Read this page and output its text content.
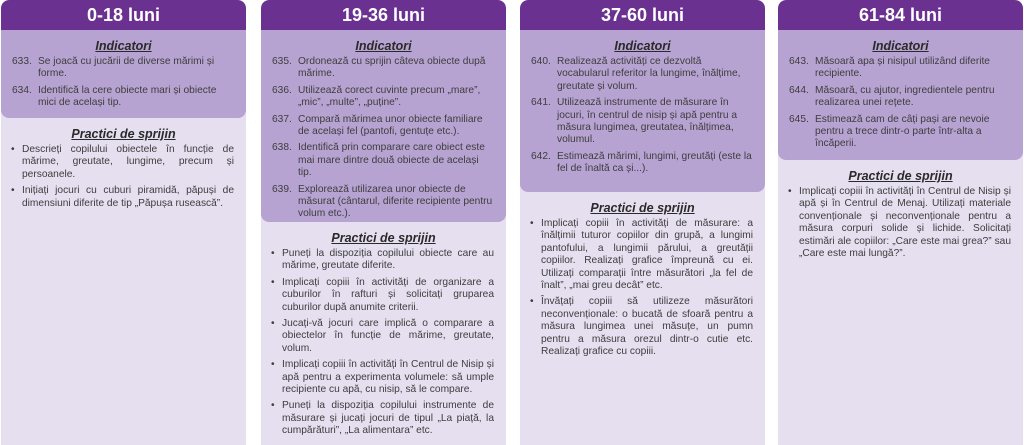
0-18 luni
Indicatori
633. Se joacă cu jucării de diverse mărimi și forme.
634. Identifică la cere obiecte mari și obiecte mici de același tip.
Practici de sprijin
• Descrieți copilului obiectele în funcție de mărime, greutate, lungime, precum și persoanele.
• Inițiați jocuri cu cuburi piramidă, păpuși de dimensiuni diferite de tip „Păpușa rusească”.
19-36 luni
Indicatori
635. Ordonează cu sprijin câteva obiecte după mărime.
636. Utilizează corect cuvinte precum „mare”, „mic”, „multe”, „puține”.
637. Compară mărimea unor obiecte familiare de același fel (pantofi, gentuțe etc.).
638. Identifică prin comparare care obiect este mai mare dintre două obiecte de același tip.
639. Explorează utilizarea unor obiecte de măsurat (cântarul, diferite recipiente pentru volum etc.).
Practici de sprijin
• Puneți la dispoziția copilului obiecte care au mărime, greutate diferite.
• Implicați copiii în activități de organizare a cuburilor în rafturi și solicitați gruparea cuburilor după anumite criterii.
• Jucați-vă jocuri care implică o comparare a obiectelor în funcție de mărime, greutate, volum.
• Implicați copiii în activități în Centrul de Nisip și apă pentru a experimenta volumele: să umple recipiente cu apă, cu nisip, să le compare.
• Puneți la dispoziția copilului instrumente de măsurare și jucați jocuri de tipul „La piață, la cumpărături”, „La alimentara” etc.
37-60 luni
Indicatori
640. Realizează activități ce dezvoltă vocabularul referitor la lungime, înălțime, greutate și volum.
641. Utilizează instrumente de măsurare în jocuri, în centrul de nisip și apă pentru a măsura lungimea, greutatea, înălțimea, volumul.
642. Estimează mărimi, lungimi, greutăți (este la fel de înaltă ca și...).
Practici de sprijin
• Implicați copiii în activități de măsurare: a înălțimii tuturor copiilor din grupă, a lungimi pantofului, a lungimii părului, a greutății copiilor. Realizați grafice împreună cu ei. Utilizați comparații între măsurători „la fel de înalt”, „mai greu decât” etc.
• Învățați copiii să utilizeze măsurători neconvenționale: o bucată de sfoară pentru a măsura lungimea unei măsuțe, un pumn pentru a măsura orezul dintr-o cutie etc. Realizați grafice cu copiii.
61-84 luni
Indicatori
643. Măsoară apa și nisipul utilizând diferite recipiente.
644. Măsoară, cu ajutor, ingredientele pentru realizarea unei rețete.
645. Estimează cam de câți pași are nevoie pentru a trece dintr-o parte într-alta a încăperii.
Practici de sprijin
• Implicați copiii în activități în Centrul de Nisip și apă și în Centrul de Menaj. Utilizați materiale convenționale și neconvenționale pentru a măsura corpuri solide și lichide. Solicitați estimări ale copiilor: „Care este mai grea?” sau „Care este mai lungă?”.
